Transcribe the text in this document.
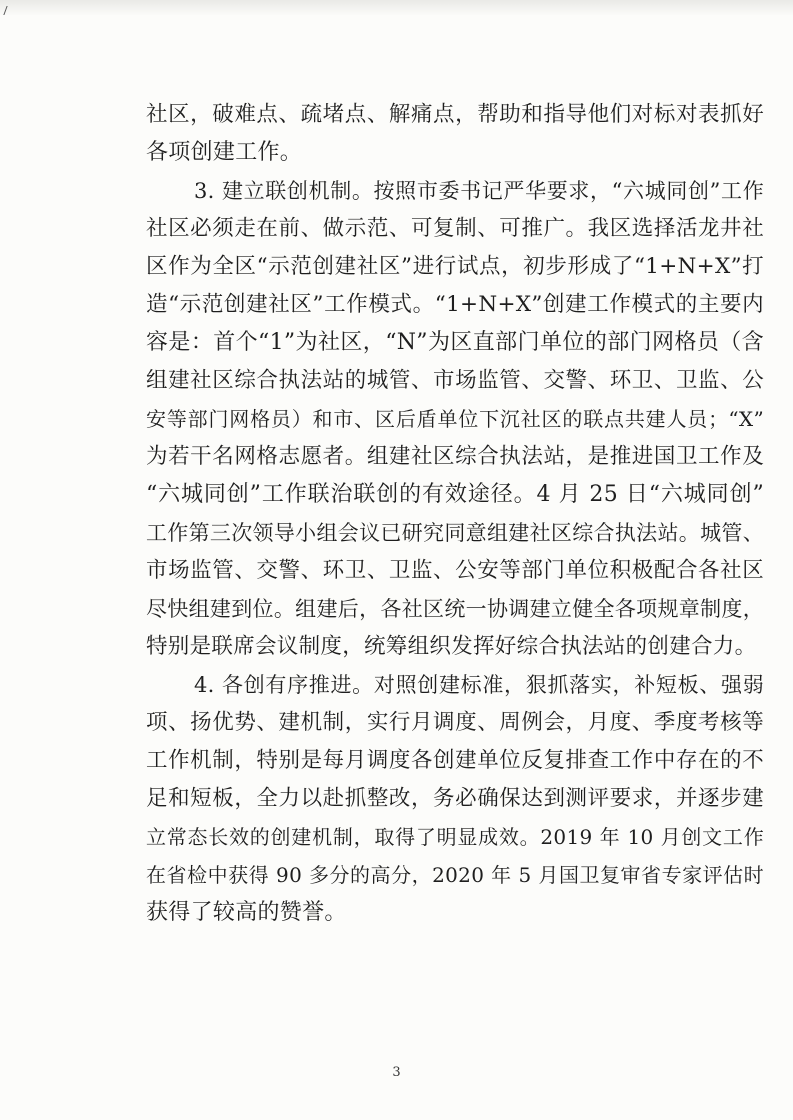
社区，破难点、疏堵点、解痛点，帮助和指导他们对标对表抓好
各项创建工作。
3. 建立联创机制。按照市委书记严华要求，“六城同创”工作
社区必须走在前、做示范、可复制、可推广。我区选择活龙井社
区作为全区“示范创建社区”进行试点，初步形成了“1+N+X”打
造“示范创建社区”工作模式。“1+N+X”创建工作模式的主要内
容是：首个“1”为社区，“N”为区直部门单位的部门网格员（含
组建社区综合执法站的城管、市场监管、交警、环卫、卫监、公
安等部门网格员）和市、区后盾单位下沉社区的联点共建人员；“X”
为若干名网格志愿者。组建社区综合执法站，是推进国卫工作及
“六城同创”工作联治联创的有效途径。4 月 25 日“六城同创”
工作第三次领导小组会议已研究同意组建社区综合执法站。城管、
市场监管、交警、环卫、卫监、公安等部门单位积极配合各社区
尽快组建到位。组建后，各社区统一协调建立健全各项规章制度，
特别是联席会议制度，统筹组织发挥好综合执法站的创建合力。
4. 各创有序推进。对照创建标准，狠抓落实，补短板、强弱
项、扬优势、建机制，实行月调度、周例会，月度、季度考核等
工作机制，特别是每月调度各创建单位反复排查工作中存在的不
足和短板，全力以赴抓整改，务必确保达到测评要求，并逐步建
立常态长效的创建机制，取得了明显成效。2019 年 10 月创文工作
在省检中获得 90 多分的高分，2020 年 5 月国卫复审省专家评估时
获得了较高的赞誉。
3
